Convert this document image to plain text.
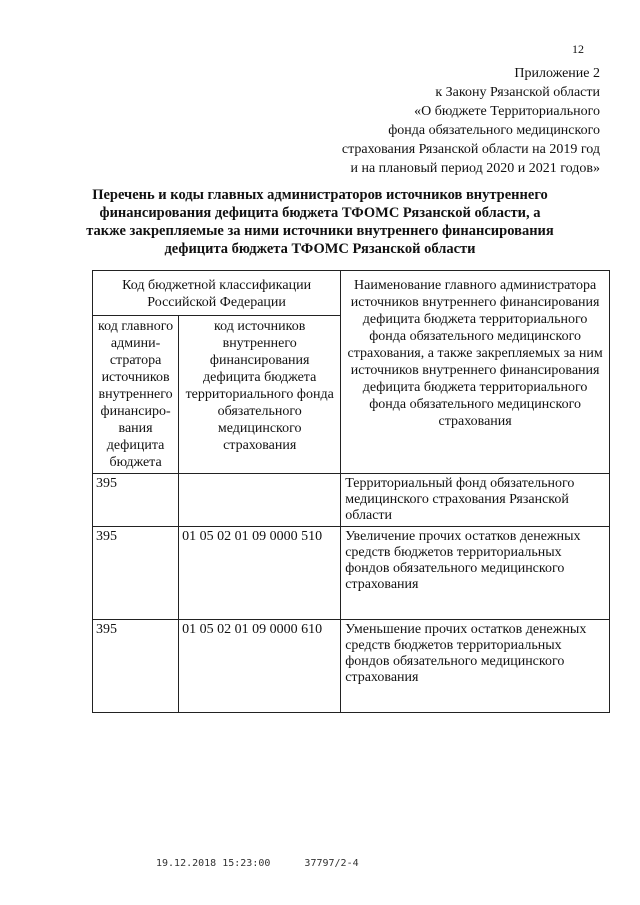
12
Приложение 2
к Закону Рязанской области
«О бюджете Территориального
фонда обязательного медицинского
страхования Рязанской области на 2019 год
и на плановый период 2020 и 2021 годов»
Перечень и коды главных администраторов источников внутреннего
финансирования дефицита бюджета ТФОМС Рязанской области, а
также закрепляемые за ними источники внутреннего финансирования
дефицита бюджета ТФОМС Рязанской области
Код бюджетной классификации Российской Федерации		Наименование главного администратора источников внутреннего финансирования дефицита бюджета территориального фонда обязательного медицинского страхования, а также закрепляемых за ним источников внутреннего финансирования дефицита бюджета территориального фонда обязательного медицинского страхования
код главного админи-стратора источников внутреннего финансиро-вания дефицита бюджета	код источников внутреннего финансирования дефицита бюджета территориального фонда обязательного медицинского страхования	
395		Территориальный фонд обязательного медицинского страхования Рязанской области
395	01 05 02 01 09 0000 510	Увеличение прочих остатков денежных средств бюджетов территориальных фондов обязательного медицинского страхования
395	01 05 02 01 09 0000 610	Уменьшение прочих остатков денежных средств бюджетов территориальных фондов обязательного медицинского страхования
19.12.2018 15:23:00	37797/2-4
